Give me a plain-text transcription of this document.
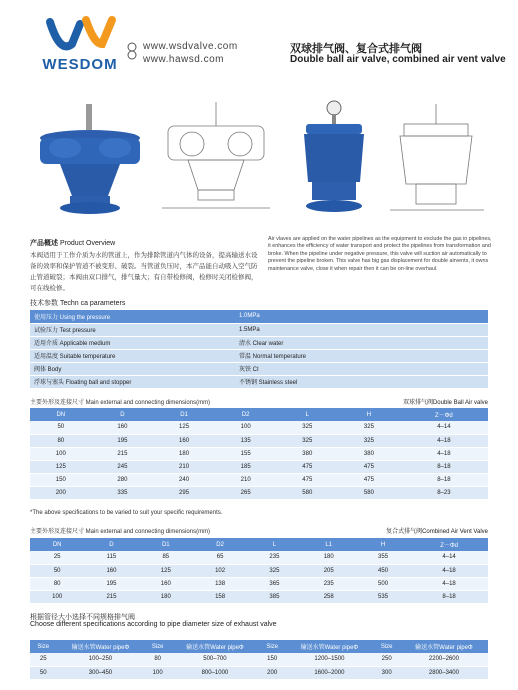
WESDOM
www.wsdvalve.com
www.hawsd.com
双球排气阀、复合式排气阀
Double ball air valve, combined air vent valve
产品概述 Product Overview
本阀适用于工作介质为水的管道上，作为排除管道内气体的设备，提高输送水设备的效率和保护管道不被变形、破裂。当管道负压时，本产品能自动吸入空气防止管道破裂；本阀由双口排气，排气量大；有自带检修阀，检修时关闭检修阀，可在线检修。
Air vlaves are applied on the water pipelines as the equipment to exclude the gas in pipelines, it enhances the efficiency of water transport and protect the pipelines from transformation and broke. When the pipeline under negative pressure, this valve will suction air automatically to prevent the pipeline broken. This valve has big gas displacement for double airvents, it owns maintenance valve, close it when repair then it can be on-line overhaul.
技术参数 Techn ca parameters
使用压力 Using the pressure	1.0MPa
试验压力 Test pressure	1.5MPa
适用介质 Applicable medium	清水 Clear water
适用温度 Suitable temperature	常温 Normal temperature
阀体 Body	灰铁 CI
浮球与塞头 Floating ball and stopper	不锈钢 Stainless steel
主要外形及连接尺寸 Main external and connecting dimensions(mm)	双球排气阀Double Ball Air valve
DN	D	D1	D2	L	H	Z－Φd
50	160	125	100	325	325	4–14
80	195	160	135	325	325	4–18
100	215	180	155	380	380	4–18
125	245	210	185	475	475	8–18
150	280	240	210	475	475	8–18
200	335	295	265	580	580	8–23
*The above specifications to be varied to suit your specific requirements.
主要外形及连接尺寸 Main external and connecting dimensions(mm)	复合式排气阀Combined Air Vent Valve
DN	D	D1	D2	L	L1	H	Z－Φd
25	115	85	65	235	180	355	4–14
50	160	125	102	325	205	450	4–18
80	195	160	138	365	235	500	4–18
100	215	180	158	385	258	535	8–18
根据管径大小选择不同规格排气阀
Choose different specifications according to pipe diameter size of exhaust valve
Size	输送水管Water pipeΦ	Size	输送水管Water pipeΦ	Size	输送水管Water pipeΦ	Size	输送水管Water pipeΦ
25	100–250	80	500–700	150	1200–1500	250	2200–2600
50	300–450	100	800–1000	200	1600–2000	300	2800–3400
